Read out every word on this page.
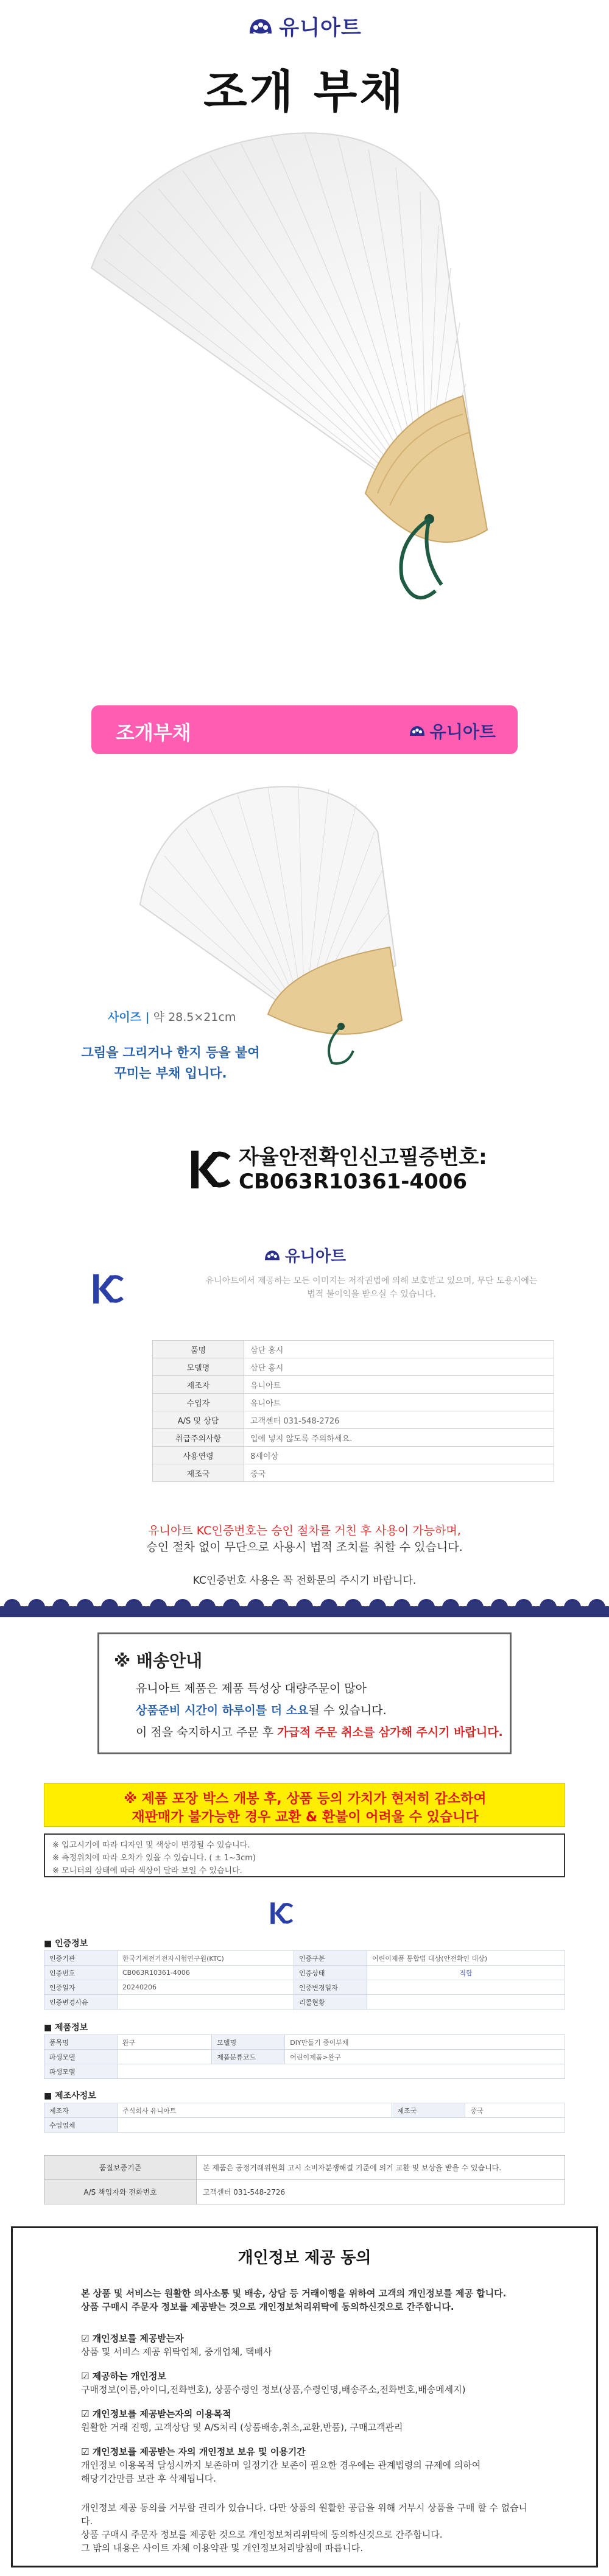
유니아트
조개 부채
조개부채	유니아트
사이즈 | 약 28.5×21cm
그림을 그리거나 한지 등을 붙여
꾸미는 부채 입니다.
자율안전확인신고필증번호:
CB063R10361-4006
유니아트
유니아트에서 제공하는 모든 이미지는 저작권법에 의해 보호받고 있으며, 무단 도용시에는 법적 불이익을 받으실 수 있습니다.
품명	삼단 홍시
모델명	삼단 홍시
제조자	유니아트
수입자	유니아트
A/S 및 상담	고객센터 031-548-2726
취급주의사항	입에 넣지 않도록 주의하세요.
사용연령	8세이상
제조국	중국
유니아트 KC인증번호는 승인 절차를 거친 후 사용이 가능하며,
승인 절차 없이 무단으로 사용시 법적 조치를 취할 수 있습니다.
KC인증번호 사용은 꼭 전화문의 주시기 바랍니다.
※ 배송안내
유니아트 제품은 제품 특성상 대량주문이 많아
상품준비 시간이 하루이틀 더 소요될 수 있습니다.
이 점을 숙지하시고 주문 후 가급적 주문 취소를 삼가해 주시기 바랍니다.
※ 제품 포장 박스 개봉 후, 상품 등의 가치가 현저히 감소하여
재판매가 불가능한 경우 교환 & 환불이 어려울 수 있습니다
※ 입고시기에 따라 디자인 및 색상이 변경될 수 있습니다.
※ 측정위치에 따라 오차가 있을 수 있습니다. ( ± 1~3cm)
※ 모니터의 상태에 따라 색상이 달라 보일 수 있습니다.
■ 인증정보
인증기관	한국기계전기전자시험연구원(KTC)	인증구분	어린이제품 통합법 대상(안전확인 대상)
인증번호	CB063R10361-4006	인증상태	적합
인증일자	20240206	인증변경일자	
인증변경사유		리콜현황	
■ 제품정보
품목명	완구	모델명	DIY만들기 종이부채
파생모델		제품분류코드	어린이제품>완구
파생모델			
■ 제조사정보
제조자	주식회사 유니아트	제조국	중국
수입업체			
품질보증기준	본 제품은 공정거래위원회 고시 소비자분쟁해결 기준에 의거 교환 및 보상을 받을 수 있습니다.
A/S 책임자와 전화번호	고객센터 031-548-2726
개인정보 제공 동의
본 상품 및 서비스는 원활한 의사소통 및 배송, 상담 등 거래이행을 위하여 고객의 개인정보를 제공 합니다.
상품 구매시 주문자 정보를 제공받는 것으로 개인정보처리위탁에 동의하신것으로 간주합니다.
☑ 개인정보를 제공받는자
상품 및 서비스 제공 위탁업체, 중개업체, 택배사
☑ 제공하는 개인정보
구매정보(이름,아이디,전화번호), 상품수령인 정보(상품,수령인명,배송주소,전화번호,배송메세지)
☑ 개인정보를 제공받는자의 이용목적
원활한 거래 진행, 고객상담 및 A/S처리 (상품배송,취소,교환,반품), 구매고객관리
☑ 개인정보를 제공받는 자의 개인정보 보유 및 이용기간
개인정보 이용목적 달성시까지 보존하며 일정기간 보존이 필요한 경우에는 관계법령의 규제에 의하여
해당기간만큼 보관 후 삭제됩니다.
개인정보 제공 동의를 거부할 권리가 있습니다. 다만 상품의 원활한 공급을 위해 거부시 상품을 구매 할 수 없습니다.
상품 구매시 주문자 정보를 제공한 것으로 개인정보처리위탁에 동의하신것으로 간주합니다.
그 밖의 내용은 사이트 자체 이용약관 및 개인정보처리방침에 따릅니다.
